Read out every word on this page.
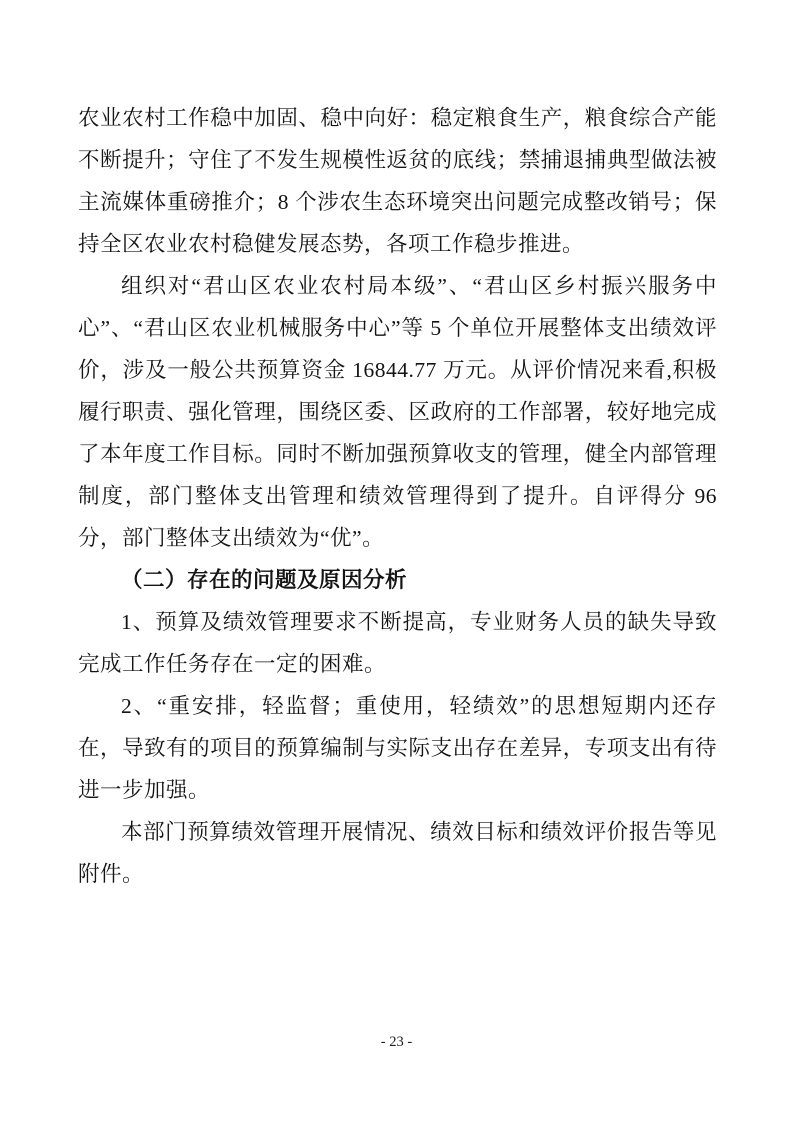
农业农村工作稳中加固、稳中向好：稳定粮食生产，粮食综合产能不断提升；守住了不发生规模性返贫的底线；禁捕退捕典型做法被主流媒体重磅推介；8 个涉农生态环境突出问题完成整改销号；保持全区农业农村稳健发展态势，各项工作稳步推进。

组织对“君山区农业农村局本级”、“君山区乡村振兴服务中心”、“君山区农业机械服务中心”等 5 个单位开展整体支出绩效评价，涉及一般公共预算资金 16844.77 万元。从评价情况来看,积极履行职责、强化管理，围绕区委、区政府的工作部署，较好地完成了本年度工作目标。同时不断加强预算收支的管理，健全内部管理制度，部门整体支出管理和绩效管理得到了提升。自评得分 96 分，部门整体支出绩效为“优”。

（二）存在的问题及原因分析

1、预算及绩效管理要求不断提高，专业财务人员的缺失导致完成工作任务存在一定的困难。

2、“重安排，轻监督；重使用，轻绩效”的思想短期内还存在，导致有的项目的预算编制与实际支出存在差异，专项支出有待进一步加强。

本部门预算绩效管理开展情况、绩效目标和绩效评价报告等见附件。

- 23 -
